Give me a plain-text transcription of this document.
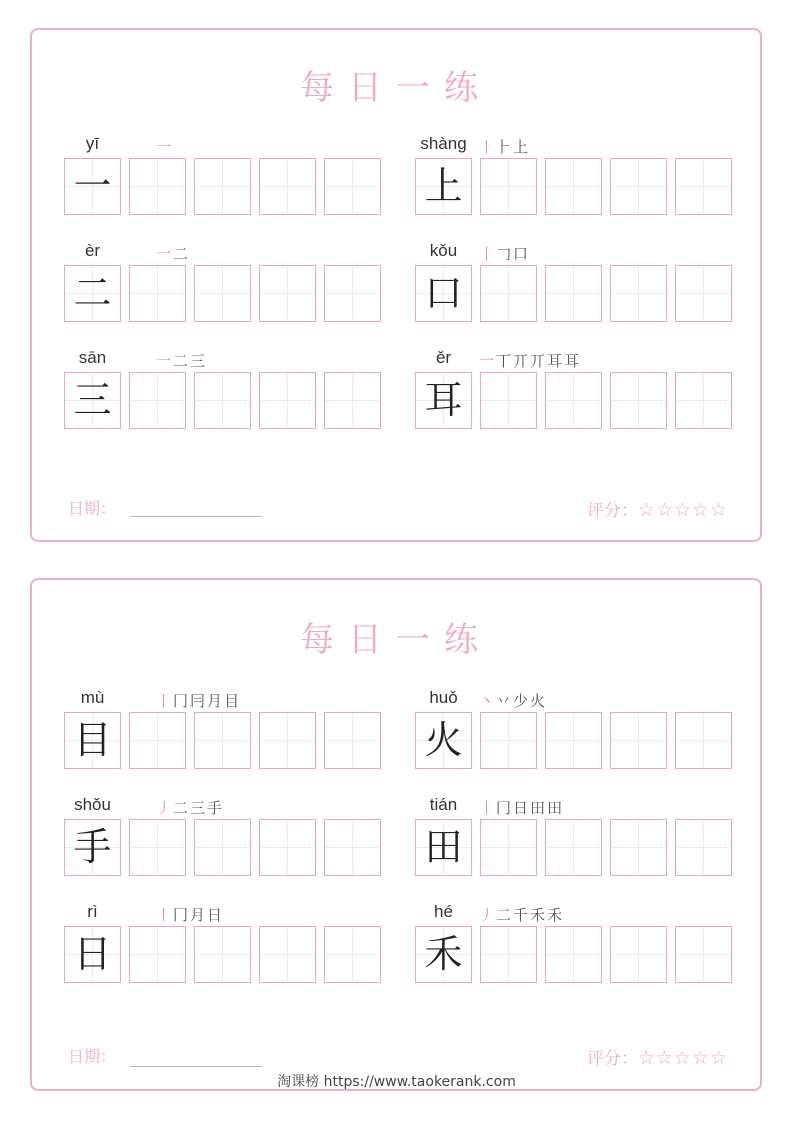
每日一练
yī	一
一
shàng 丨⺊上
上
èr	一二
二
kǒu	丨𠃌口
口
sān	一二三
三
ěr	一丅丌丌耳耳
耳
日期：	评分：☆☆☆☆☆
每日一练
mù	丨冂冃月目
目
huǒ	丶丷少火
火
shǒu	丿二三手
手
tián	丨冂日田田
田
rì	丨冂月日
日
hé	丿二千禾禾
禾
日期：	评分：☆☆☆☆☆
淘课榜 https://www.taokerank.com
